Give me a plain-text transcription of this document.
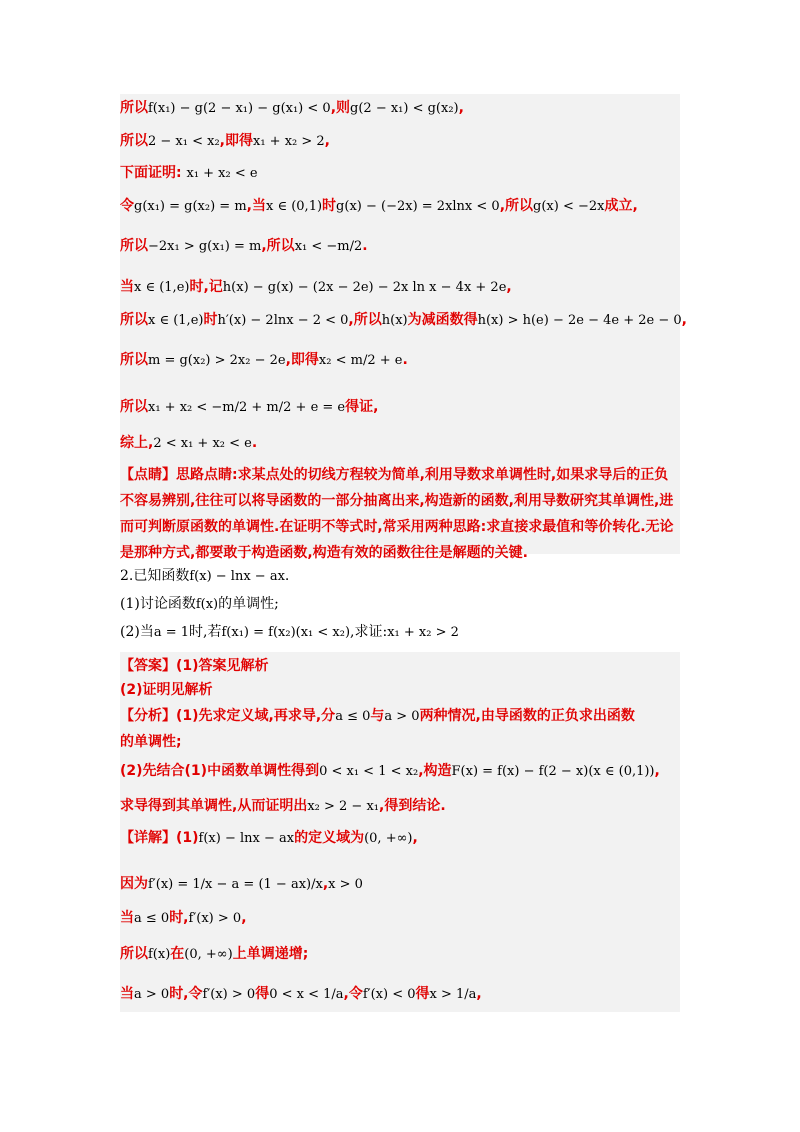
所以f(x₁) − g(2 − x₁) − g(x₁) < 0,则g(2 − x₁) < g(x₂),
所以2 − x₁ < x₂,即得x₁ + x₂ > 2,
下面证明: x₁ + x₂ < e
令g(x₁) = g(x₂) = m,当x ∈ (0,1)时g(x) − (−2x) = 2xlnx < 0,所以g(x) < −2x成立,
所以−2x₁ > g(x₁) = m,所以x₁ < −m/2.
当x ∈ (1,e)时,记h(x) − g(x) − (2x − 2e) − 2x ln x − 4x + 2e,
所以x ∈ (1,e)时h′(x) − 2lnx − 2 < 0,所以h(x)为减函数得h(x) > h(e) − 2e − 4e + 2e − 0,
所以m = g(x₂) > 2x₂ − 2e,即得x₂ < m/2 + e.
所以x₁ + x₂ < −m/2 + m/2 + e = e得证,
综上,2 < x₁ + x₂ < e.
【点睛】思路点睛:求某点处的切线方程较为简单,利用导数求单调性时,如果求导后的正负不容易辨别,往往可以将导函数的一部分抽离出来,构造新的函数,利用导数研究其单调性,进而可判断原函数的单调性.在证明不等式时,常采用两种思路:求直接求最值和等价转化.无论是那种方式,都要敢于构造函数,构造有效的函数往往是解题的关键.
2.已知函数f(x) − lnx − ax.
(1)讨论函数f(x)的单调性;
(2)当a = 1时,若f(x₁) = f(x₂)(x₁ < x₂),求证:x₁ + x₂ > 2
【答案】(1)答案见解析
(2)证明见解析
【分析】(1)先求定义域,再求导,分a ≤ 0与a > 0两种情况,由导函数的正负求出函数
的单调性;
(2)先结合(1)中函数单调性得到0 < x₁ < 1 < x₂,构造F(x) = f(x) − f(2 − x)(x ∈ (0,1)),
求导得到其单调性,从而证明出x₂ > 2 − x₁,得到结论.
【详解】(1)f(x) − lnx − ax的定义域为(0, +∞),
因为f′(x) = 1/x − a = (1 − ax)/x,x > 0
当a ≤ 0时,f′(x) > 0,
所以f(x)在(0, +∞)上单调递增;
当a > 0时,令f′(x) > 0得0 < x < 1/a,令f′(x) < 0得x > 1/a,
